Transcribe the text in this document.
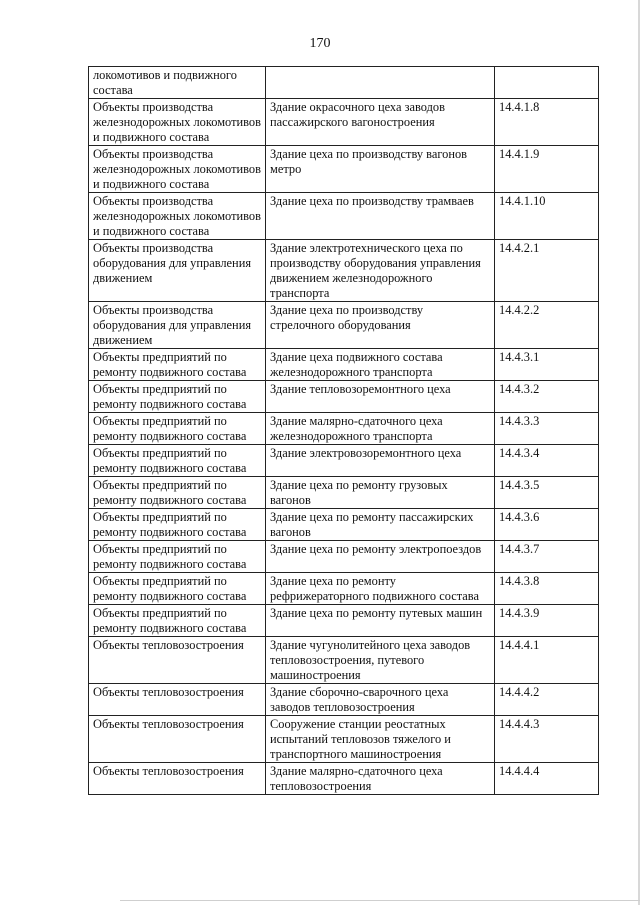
170
локомотивов и подвижного состава		
Объекты производства железнодорожных локомотивов и подвижного состава	Здание окрасочного цеха заводов пассажирского вагоностроения	14.4.1.8
Объекты производства железнодорожных локомотивов и подвижного состава	Здание цеха по производству вагонов метро	14.4.1.9
Объекты производства железнодорожных локомотивов и подвижного состава	Здание цеха по производству трамваев	14.4.1.10
Объекты производства оборудования для управления движением	Здание электротехнического цеха по производству оборудования управления движением железнодорожного транспорта	14.4.2.1
Объекты производства оборудования для управления движением	Здание цеха по производству стрелочного оборудования	14.4.2.2
Объекты предприятий по ремонту подвижного состава	Здание цеха подвижного состава железнодорожного транспорта	14.4.3.1
Объекты предприятий по ремонту подвижного состава	Здание тепловозоремонтного цеха	14.4.3.2
Объекты предприятий по ремонту подвижного состава	Здание малярно-сдаточного цеха железнодорожного транспорта	14.4.3.3
Объекты предприятий по ремонту подвижного состава	Здание электровозоремонтного цеха	14.4.3.4
Объекты предприятий по ремонту подвижного состава	Здание цеха по ремонту грузовых вагонов	14.4.3.5
Объекты предприятий по ремонту подвижного состава	Здание цеха по ремонту пассажирских вагонов	14.4.3.6
Объекты предприятий по ремонту подвижного состава	Здание цеха по ремонту электропоездов	14.4.3.7
Объекты предприятий по ремонту подвижного состава	Здание цеха по ремонту рефрижераторного подвижного состава	14.4.3.8
Объекты предприятий по ремонту подвижного состава	Здание цеха по ремонту путевых машин	14.4.3.9
Объекты тепловозостроения	Здание чугунолитейного цеха заводов тепловозостроения, путевого машиностроения	14.4.4.1
Объекты тепловозостроения	Здание сборочно-сварочного цеха заводов тепловозостроения	14.4.4.2
Объекты тепловозостроения	Сооружение станции реостатных испытаний тепловозов тяжелого и транспортного машиностроения	14.4.4.3
Объекты тепловозостроения	Здание малярно-сдаточного цеха тепловозостроения	14.4.4.4
